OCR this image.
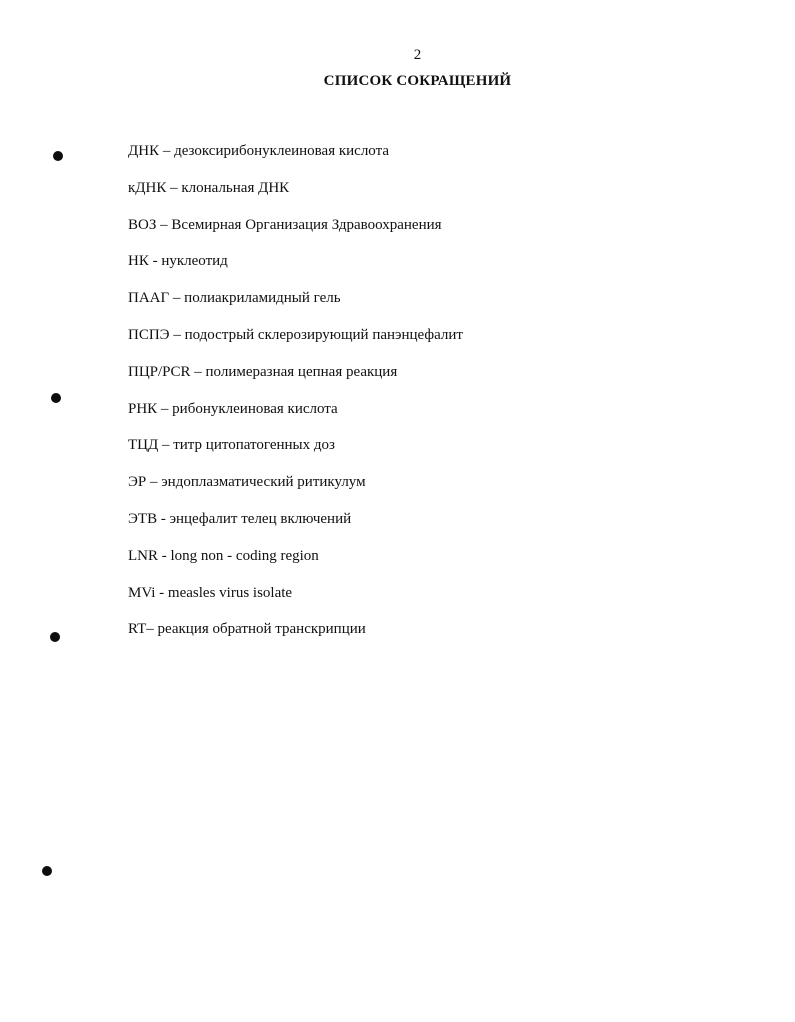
2
СПИСОК СОКРАЩЕНИЙ
ДНК – дезоксирибонуклеиновая кислота
кДНК – клональная ДНК
ВОЗ – Всемирная Организация Здравоохранения
НК - нуклеотид
ПААГ – полиакриламидный гель
ПСПЭ – подострый склерозирующий панэнцефалит
ПЦР/PCR – полимеразная цепная реакция
РНК – рибонуклеиновая кислота
ТЦД – титр цитопатогенных доз
ЭР – эндоплазматический ритикулум
ЭТВ - энцефалит телец включений
LNR - long non - coding region
MVi - measles virus isolate
RT– реакция обратной транскрипции
